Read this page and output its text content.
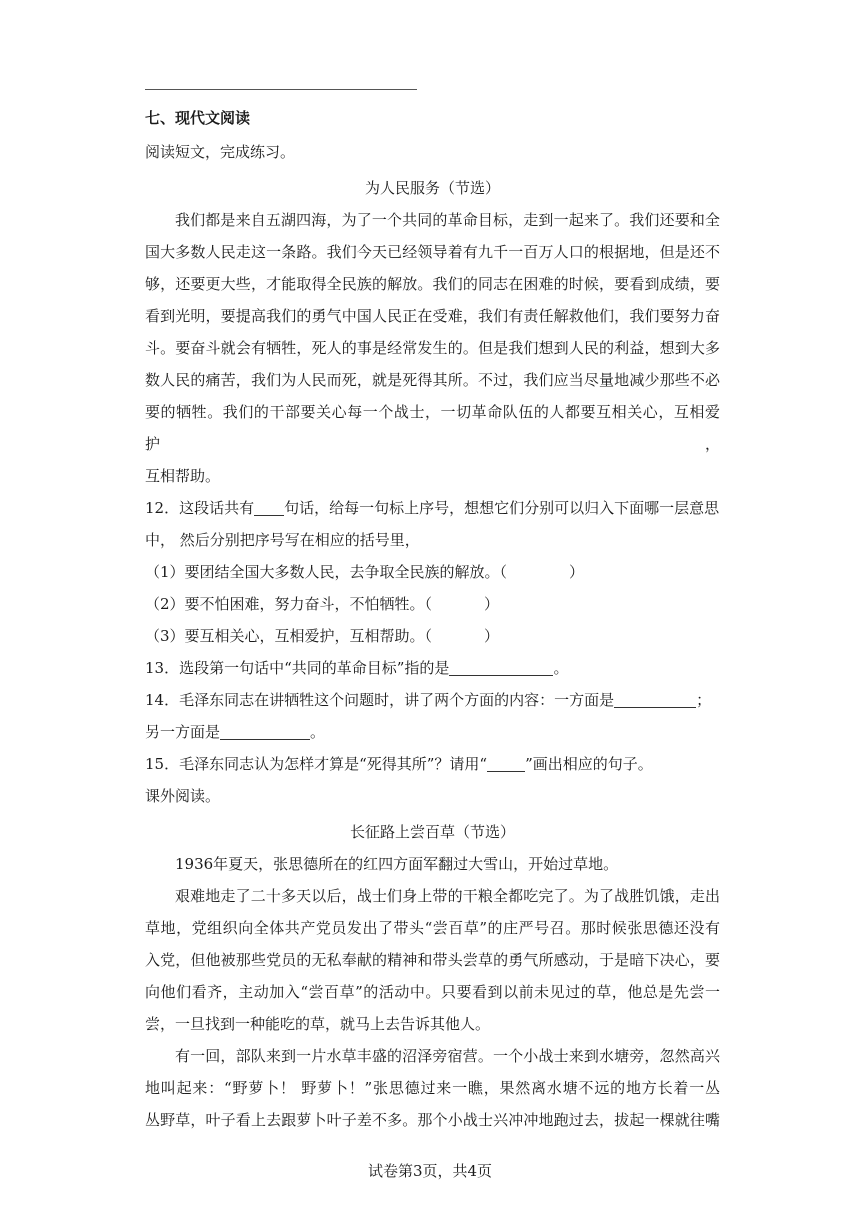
七、现代文阅读
阅读短文，完成练习。
为人民服务（节选）
我们都是来自五湖四海，为了一个共同的革命目标，走到一起来了。我们还要和全
国大多数人民走这一条路。我们今天已经领导着有九千一百万人口的根据地，但是还不
够，还要更大些，才能取得全民族的解放。我们的同志在困难的时候，要看到成绩，要
看到光明，要提高我们的勇气中国人民正在受难，我们有责任解救他们，我们要努力奋
斗。要奋斗就会有牺牲，死人的事是经常发生的。但是我们想到人民的利益，想到大多
数人民的痛苦，我们为人民而死，就是死得其所。不过，我们应当尽量地减少那些不必
要的牺牲。我们的干部要关心每一个战士，一切革命队伍的人都要互相关心，互相爱护，
互相帮助。
12．这段话共有 句话，给每一句标上序号，想想它们分别可以归入下面哪一层意思
中， 然后分别把序号写在相应的括号里，
（1）要团结全国大多数人民，去争取全民族的解放。（	）
（2）要不怕困难，努力奋斗，不怕牺牲。（	）
（3）要互相关心，互相爱护，互相帮助。（	）
13．选段第一句话中“共同的革命目标”指的是	。
14．毛泽东同志在讲牺牲这个问题时，讲了两个方面的内容：一方面是	；
另一方面是	。
15．毛泽东同志认为怎样才算是“死得其所”？请用“	”画出相应的句子。
课外阅读。
长征路上尝百草（节选）
1936年夏天，张思德所在的红四方面军翻过大雪山，开始过草地。
艰难地走了二十多天以后，战士们身上带的干粮全都吃完了。为了战胜饥饿，走出
草地，党组织向全体共产党员发出了带头“尝百草”的庄严号召。那时候张思德还没有
入党，但他被那些党员的无私奉献的精神和带头尝草的勇气所感动，于是暗下决心，要
向他们看齐，主动加入“尝百草”的活动中。只要看到以前未见过的草，他总是先尝一
尝，一旦找到一种能吃的草，就马上去告诉其他人。
有一回，部队来到一片水草丰盛的沼泽旁宿营。一个小战士来到水塘旁，忽然高兴
地叫起来：“野萝卜！ 野萝卜！”张思德过来一瞧，果然离水塘不远的地方长着一丛
丛野草，叶子看上去跟萝卜叶子差不多。那个小战士兴冲冲地跑过去，拔起一棵就往嘴
试卷第3页，共4页
